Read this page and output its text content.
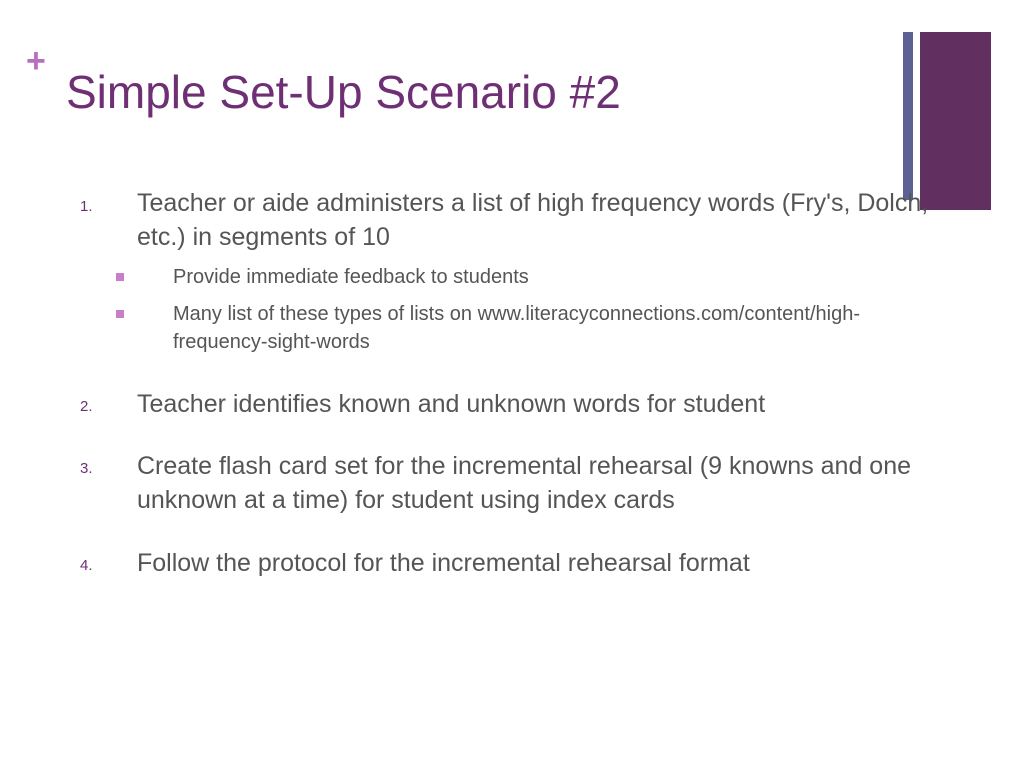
+
Simple Set-Up Scenario #2
1. Teacher or aide administers a list of high frequency words (Fry's, Dolch, etc.) in segments of 10
Provide immediate feedback to students
Many list of these types of lists on www.literacyconnections.com/content/high-frequency-sight-words
2. Teacher identifies known and unknown words for student
3. Create flash card set for the incremental rehearsal (9 knowns and one unknown at a time) for student using index cards
4. Follow the protocol for the incremental rehearsal format
